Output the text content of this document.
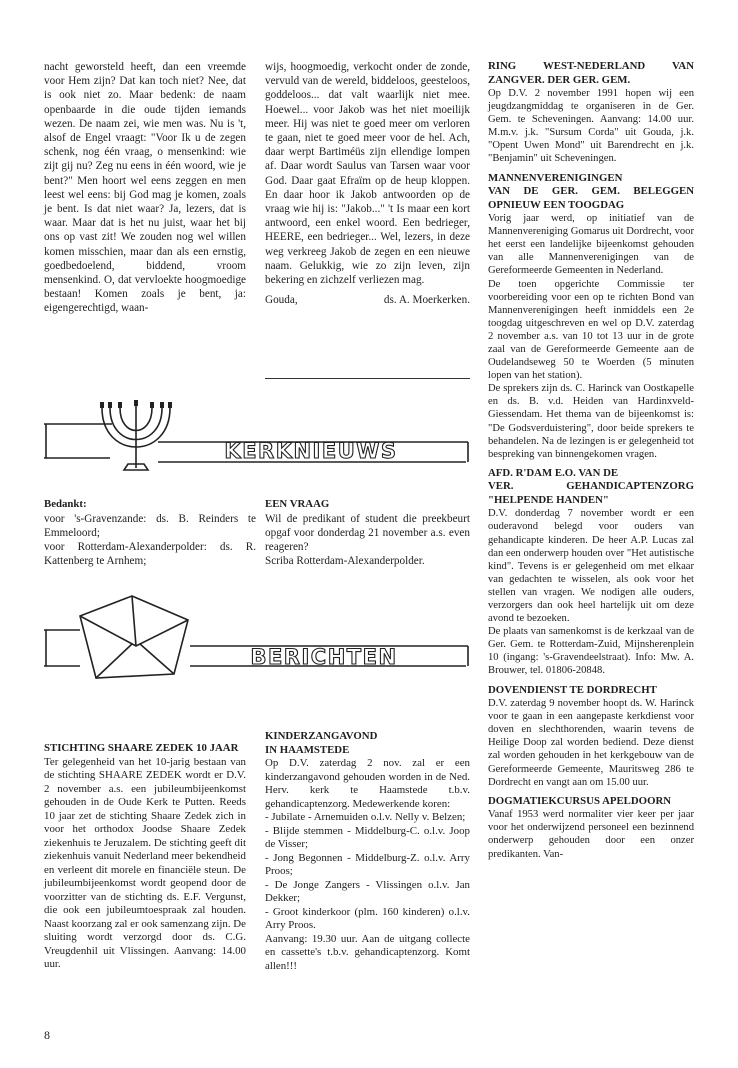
nacht geworsteld heeft, dan een vreemde voor Hem zijn? Dat kan toch niet? Nee, dat is ook niet zo. Maar bedenk: de naam openbaarde in die oude tijden iemands wezen. De naam zei, wie men was. Nu is 't, alsof de Engel vraagt: "Voor Ik u de zegen schenk, nog één vraag, o mensenkind: wie zijt gij nu? Zeg nu eens in één woord, wie je bent?" Men hoort wel eens zeggen en men leest wel eens: bij God mag je komen, zoals je bent. Is dat niet waar? Ja, lezers, dat is waar. Maar dat is het nu juist, waar het bij ons op vast zit! We zouden nog wel willen komen misschien, maar dan als een ernstig, goedbedoelend, biddend, vroom mensenkind. O, dat vervloekte hoogmoedige bestaan! Komen zoals je bent, ja: eigengerechtigd, waan-

wijs, hoogmoedig, verkocht onder de zonde, vervuld van de wereld, biddeloos, geesteloos, goddeloos... dat valt waarlijk niet mee. Hoewel... voor Jakob was het niet moeilijk meer. Hij was niet te goed meer om verloren te gaan, niet te goed meer voor de hel. Ach, daar werpt Bartiméüs zijn ellendige lompen af. Daar wordt Saulus van Tarsen waar voor God. Daar gaat Efraïm op de heup kloppen. En daar hoor ik Jakob antwoorden op de vraag wie hij is: "Jakob..." 't Is maar een kort antwoord, een enkel woord. Een bedrieger, HEERE, een bedrieger... Wel, lezers, in deze weg verkreeg Jakob de zegen en een nieuwe naam. Gelukkig, wie zo zijn leven, zijn bekering en zichzelf verliezen mag.

Gouda,	ds. A. Moerkerken.
KERKNIEUWS

Bedankt:

voor 's-Gravenzande: ds. B. Reinders te Emmeloord;
voor Rotterdam-Alexanderpolder: ds. R. Kattenberg te Arnhem;

EEN VRAAG

Wil de predikant of student die preekbeurt opgaf voor donderdag 21 november a.s. even reageren?
Scriba Rotterdam-Alexanderpolder.

BERICHTEN

STICHTING SHAARE ZEDEK 10 JAAR

Ter gelegenheid van het 10-jarig bestaan van de stichting SHAARE ZEDEK wordt er D.V. 2 november a.s. een jubileumbijeenkomst gehouden in de Oude Kerk te Putten. Reeds 10 jaar zet de stichting Shaare Zedek zich in voor het orthodox Joodse Shaare Zedek ziekenhuis te Jeruzalem. De stichting geeft dit ziekenhuis vanuit Nederland meer bekendheid en verleent dit morele en financiële steun. De jubileumbijeenkomst wordt geopend door de voorzitter van de stichting ds. E.F. Vergunst, die ook een jubileumtoespraak zal houden. Naast koorzang zal er ook samenzang zijn. De sluiting wordt verzorgd door ds. C.G. Vreugdenhil uit Vlissingen. Aanvang: 14.00 uur.

KINDERZANGAVOND
IN HAAMSTEDE

Op D.V. zaterdag 2 nov. zal er een kinderzangavond gehouden worden in de Ned. Herv. kerk te Haamstede t.b.v. gehandicaptenzorg. Medewerkende koren:
- Jubilate - Arnemuiden o.l.v. Nelly v. Belzen;
- Blijde stemmen - Middelburg-C. o.l.v. Joop de Visser;
- Jong Begonnen - Middelburg-Z. o.l.v. Arry Proos;
- De Jonge Zangers - Vlissingen o.l.v. Jan Dekker;
- Groot kinderkoor (plm. 160 kinderen) o.l.v. Arry Proos.
Aanvang: 19.30 uur. Aan de uitgang collecte en cassette's t.b.v. gehandicaptenzorg. Komt allen!!!

RING WEST-NEDERLAND VAN ZANGVER. DER GER. GEM.

Op D.V. 2 november 1991 hopen wij een jeugdzangmiddag te organiseren in de Ger. Gem. te Scheveningen. Aanvang: 14.00 uur. M.m.v. j.k. "Sursum Corda" uit Gouda, j.k. "Opent Uwen Mond" uit Barendrecht en j.k. "Benjamin" uit Scheveningen.

MANNENVERENIGINGEN
VAN DE GER. GEM. BELEGGEN OPNIEUW EEN TOOGDAG

Vorig jaar werd, op initiatief van de Mannenvereniging Gomarus uit Dordrecht, voor het eerst een landelijke bijeenkomst gehouden van alle Mannenverenigingen van de Gereformeerde Gemeenten in Nederland.
De toen opgerichte Commissie ter voorbereiding voor een op te richten Bond van Mannenverenigingen heeft inmiddels een 2e toogdag uitgeschreven en wel op D.V. zaterdag 2 november a.s. van 10 tot 13 uur in de grote zaal van de Gereformeerde Gemeente aan de Oudelandseweg 50 te Woerden (5 minuten lopen van het station).
De sprekers zijn ds. C. Harinck van Oostkapelle en ds. B. v.d. Heiden van Hardinxveld-Giessendam. Het thema van de bijeenkomst is: "De Godsverduistering", door beide sprekers te behandelen. Na de lezingen is er gelegenheid tot bespreking van binnengekomen vragen.

AFD. R'DAM E.O. VAN DE
VER. GEHANDICAPTENZORG "HELPENDE HANDEN"

D.V. donderdag 7 november wordt er een ouderavond belegd voor ouders van gehandicapte kinderen. De heer A.P. Lucas zal dan een onderwerp houden over "Het autistische kind". Tevens is er gelegenheid om met elkaar van gedachten te wisselen, als ook voor het stellen van vragen. We nodigen alle ouders, verzorgers dan ook heel hartelijk uit om deze avond te bezoeken.
De plaats van samenkomst is de kerkzaal van de Ger. Gem. te Rotterdam-Zuid, Mijnsherenplein 10 (ingang: 's-Gravendeelstraat). Info: Mw. A. Brouwer, tel. 01806-20848.

DOVENDIENST TE DORDRECHT

D.V. zaterdag 9 november hoopt ds. W. Harinck voor te gaan in een aangepaste kerkdienst voor doven en slechthorenden, waarin tevens de Heilige Doop zal worden bediend. Deze dienst zal worden gehouden in het kerkgebouw van de Gereformeerde Gemeente, Mauritsweg 286 te Dordrecht en vangt aan om 15.00 uur.

DOGMATIEKCURSUS APELDOORN

Vanaf 1953 werd normaliter vier keer per jaar voor het onderwijzend personeel een bezinnend onderwerp gehouden door een onzer predikanten. Van-

8
